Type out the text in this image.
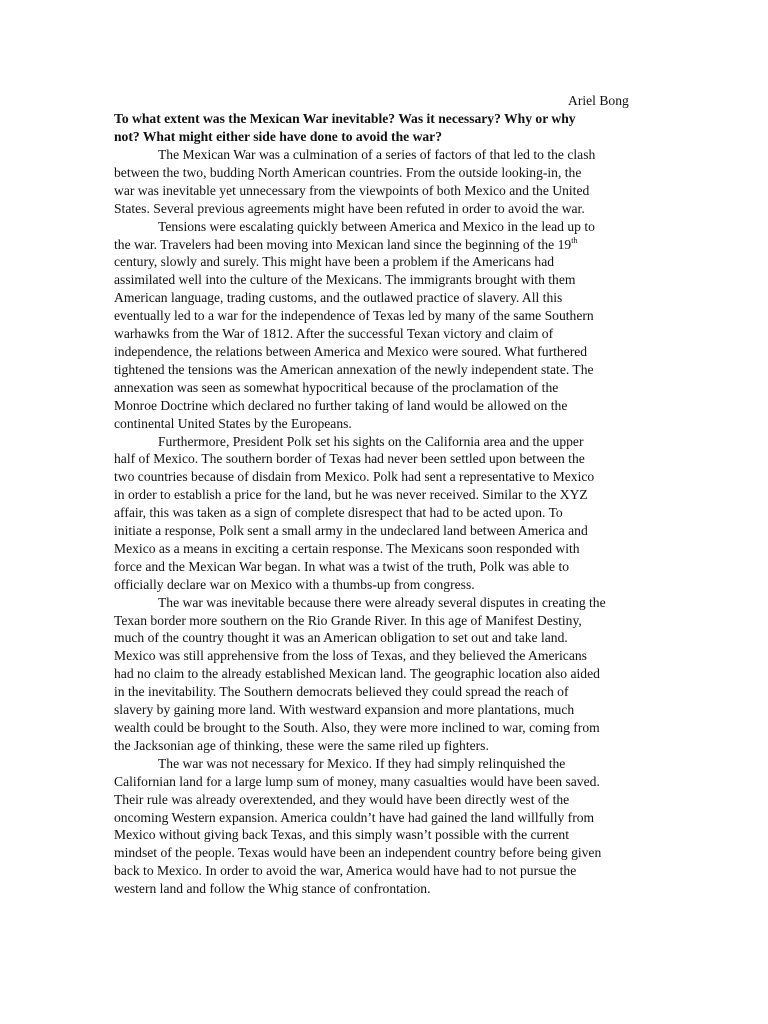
Ariel Bong
To what extent was the Mexican War inevitable? Was it necessary? Why or why
not? What might either side have done to avoid the war?

The Mexican War was a culmination of a series of factors of that led to the clash
between the two, budding North American countries. From the outside looking-in, the
war was inevitable yet unnecessary from the viewpoints of both Mexico and the United
States. Several previous agreements might have been refuted in order to avoid the war.

Tensions were escalating quickly between America and Mexico in the lead up to
the war. Travelers had been moving into Mexican land since the beginning of the 19th
century, slowly and surely. This might have been a problem if the Americans had
assimilated well into the culture of the Mexicans. The immigrants brought with them
American language, trading customs, and the outlawed practice of slavery. All this
eventually led to a war for the independence of Texas led by many of the same Southern
warhawks from the War of 1812. After the successful Texan victory and claim of
independence, the relations between America and Mexico were soured. What furthered
tightened the tensions was the American annexation of the newly independent state. The
annexation was seen as somewhat hypocritical because of the proclamation of the
Monroe Doctrine which declared no further taking of land would be allowed on the
continental United States by the Europeans.

Furthermore, President Polk set his sights on the California area and the upper
half of Mexico. The southern border of Texas had never been settled upon between the
two countries because of disdain from Mexico. Polk had sent a representative to Mexico
in order to establish a price for the land, but he was never received. Similar to the XYZ
affair, this was taken as a sign of complete disrespect that had to be acted upon. To
initiate a response, Polk sent a small army in the undeclared land between America and
Mexico as a means in exciting a certain response. The Mexicans soon responded with
force and the Mexican War began. In what was a twist of the truth, Polk was able to
officially declare war on Mexico with a thumbs-up from congress.

The war was inevitable because there were already several disputes in creating the
Texan border more southern on the Rio Grande River. In this age of Manifest Destiny,
much of the country thought it was an American obligation to set out and take land.
Mexico was still apprehensive from the loss of Texas, and they believed the Americans
had no claim to the already established Mexican land. The geographic location also aided
in the inevitability. The Southern democrats believed they could spread the reach of
slavery by gaining more land. With westward expansion and more plantations, much
wealth could be brought to the South. Also, they were more inclined to war, coming from
the Jacksonian age of thinking, these were the same riled up fighters.

The war was not necessary for Mexico. If they had simply relinquished the
Californian land for a large lump sum of money, many casualties would have been saved.
Their rule was already overextended, and they would have been directly west of the
oncoming Western expansion. America couldn’t have had gained the land willfully from
Mexico without giving back Texas, and this simply wasn’t possible with the current
mindset of the people. Texas would have been an independent country before being given
back to Mexico. In order to avoid the war, America would have had to not pursue the
western land and follow the Whig stance of confrontation.
